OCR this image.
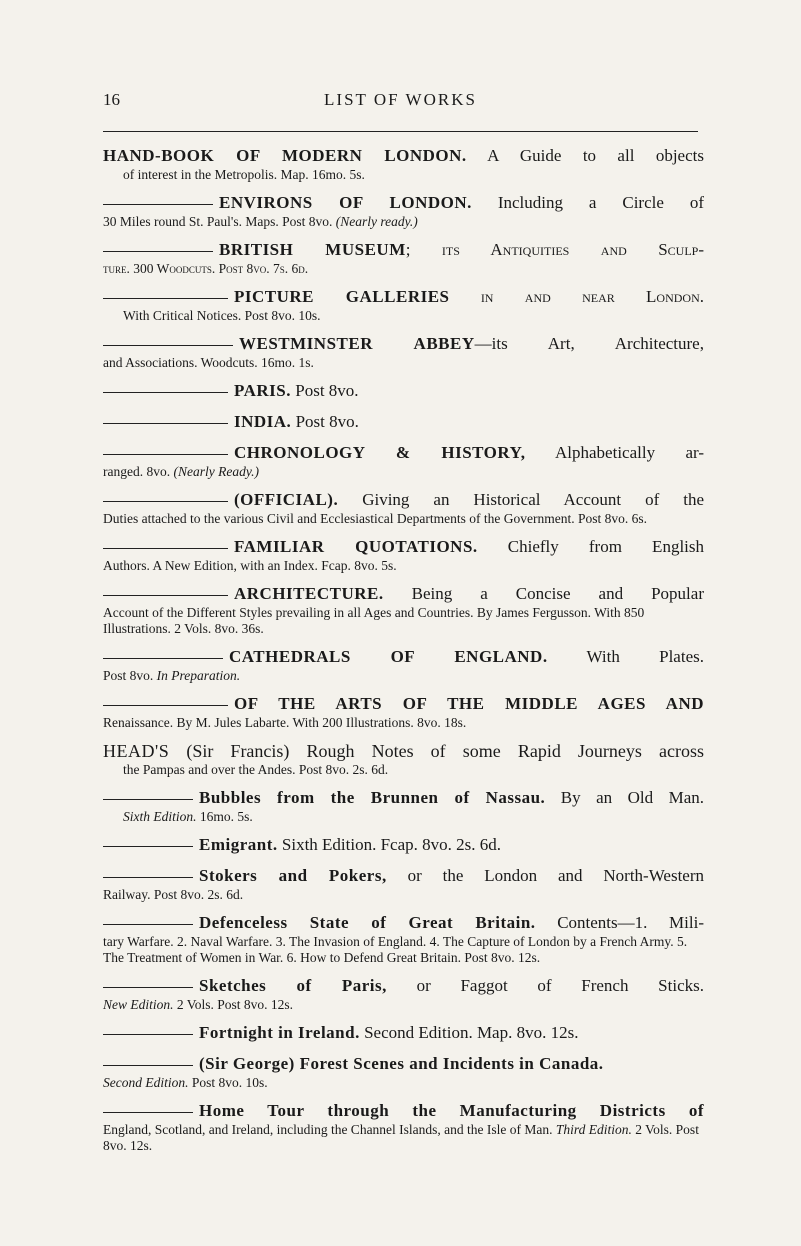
16	LIST OF WORKS
HAND-BOOK OF MODERN LONDON. A Guide to all objects
of interest in the Metropolis. Map. 16mo. 5s.
ENVIRONS OF LONDON. Including a Circle of
30 Miles round St. Paul's. Maps. Post 8vo. (Nearly ready.)
BRITISH MUSEUM; its Antiquities and Sculp-
ture. 300 Woodcuts. Post 8vo. 7s. 6d.
PICTURE GALLERIES in and near London.
With Critical Notices. Post 8vo. 10s.
WESTMINSTER ABBEY—its Art, Architecture,
and Associations. Woodcuts. 16mo. 1s.
PARIS. Post 8vo.
INDIA. Post 8vo.
CHRONOLOGY & HISTORY, Alphabetically ar-
ranged. 8vo. (Nearly Ready.)
(OFFICIAL). Giving an Historical Account of the
Duties attached to the various Civil and Ecclesiastical Departments of the Government. Post 8vo. 6s.
FAMILIAR QUOTATIONS. Chiefly from English
Authors. A New Edition, with an Index. Fcap. 8vo. 5s.
ARCHITECTURE. Being a Concise and Popular
Account of the Different Styles prevailing in all Ages and Countries. By James Fergusson. With 850 Illustrations. 2 Vols. 8vo. 36s.
CATHEDRALS OF ENGLAND. With Plates.
Post 8vo. In Preparation.
OF THE ARTS OF THE MIDDLE AGES AND
Renaissance. By M. Jules Labarte. With 200 Illustrations. 8vo. 18s.
HEAD'S (Sir Francis) Rough Notes of some Rapid Journeys across
the Pampas and over the Andes. Post 8vo. 2s. 6d.
Bubbles from the Brunnen of Nassau. By an Old Man.
Sixth Edition. 16mo. 5s.
Emigrant. Sixth Edition. Fcap. 8vo. 2s. 6d.
Stokers and Pokers, or the London and North-Western
Railway. Post 8vo. 2s. 6d.
Defenceless State of Great Britain. Contents—1. Mili-
tary Warfare. 2. Naval Warfare. 3. The Invasion of England. 4. The Capture of London by a French Army. 5. The Treatment of Women in War. 6. How to Defend Great Britain. Post 8vo. 12s.
Sketches of Paris, or Faggot of French Sticks.
New Edition. 2 Vols. Post 8vo. 12s.
Fortnight in Ireland. Second Edition. Map. 8vo. 12s.
(Sir George) Forest Scenes and Incidents in Canada.
Second Edition. Post 8vo. 10s.
Home Tour through the Manufacturing Districts of
England, Scotland, and Ireland, including the Channel Islands, and the Isle of Man. Third Edition. 2 Vols. Post 8vo. 12s.
